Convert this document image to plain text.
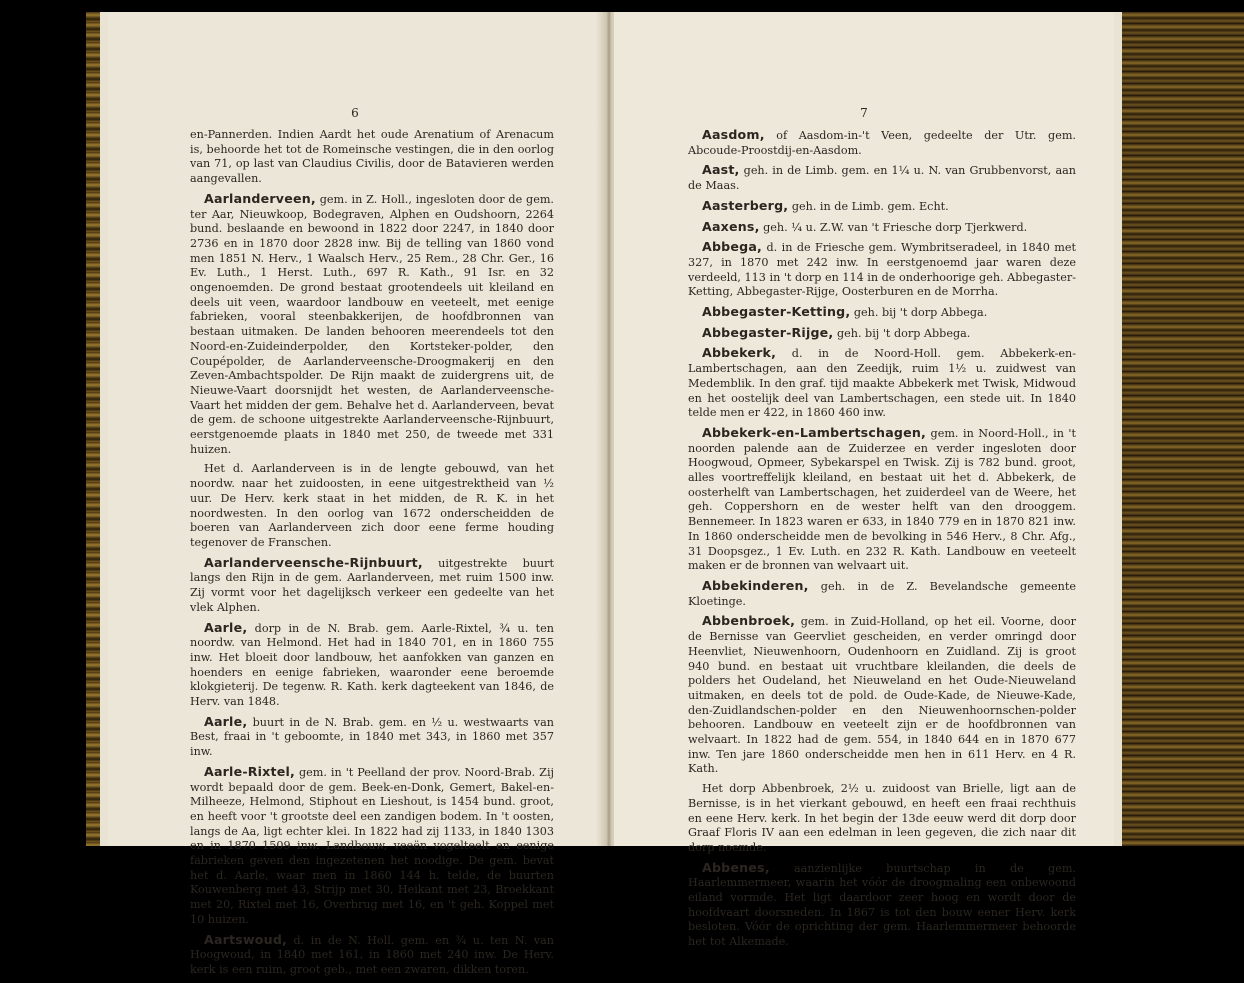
6

en-Pannerden. Indien Aardt het oude Arenatium of Arenacum is, behoorde het tot de Romeinsche vestingen, die in den oorlog van 71, op last van Claudius Civilis, door de Batavieren werden aangevallen.

Aarlanderveen, gem. in Z. Holl., ingesloten door de gem. ter Aar, Nieuwkoop, Bodegraven, Alphen en Oudshoorn, 2264 bund. beslaande en bewoond in 1822 door 2247, in 1840 door 2736 en in 1870 door 2828 inw. Bij de telling van 1860 vond men 1851 N. Herv., 1 Waalsch Herv., 25 Rem., 28 Chr. Ger., 16 Ev. Luth., 1 Herst. Luth., 697 R. Kath., 91 Isr. en 32 ongenoemden. De grond bestaat grootendeels uit kleiland en deels uit veen, waardoor landbouw en veeteelt, met eenige fabrieken, vooral steenbakkerijen, de hoofdbronnen van bestaan uitmaken. De landen behooren meerendeels tot den Noord-en-Zuideinderpolder, den Kortsteker-polder, den Coupépolder, de Aarlanderveensche-Droogmakerij en den Zeven-Ambachtspolder. De Rijn maakt de zuidergrens uit, de Nieuwe-Vaart doorsnijdt het westen, de Aarlanderveensche-Vaart het midden der gem. Behalve het d. Aarlanderveen, bevat de gem. de schoone uitgestrekte Aarlanderveensche-Rijnbuurt, eerstgenoemde plaats in 1840 met 250, de tweede met 331 huizen.

Het d. Aarlanderveen is in de lengte gebouwd, van het noordw. naar het zuidoosten, in eene uitgestrektheid van ½ uur. De Herv. kerk staat in het midden, de R. K. in het noordwesten. In den oorlog van 1672 onderscheidden de boeren van Aarlanderveen zich door eene ferme houding tegenover de Franschen.

Aarlanderveensche-Rijnbuurt, uitgestrekte buurt langs den Rijn in de gem. Aarlanderveen, met ruim 1500 inw. Zij vormt voor het dagelijksch verkeer een gedeelte van het vlek Alphen.

Aarle, dorp in de N. Brab. gem. Aarle-Rixtel, ¾ u. ten noordw. van Helmond. Het had in 1840 701, en in 1860 755 inw. Het bloeit door landbouw, het aanfokken van ganzen en hoenders en eenige fabrieken, waaronder eene beroemde klokgieterij. De tegenw. R. Kath. kerk dagteekent van 1846, de Herv. van 1848.

Aarle, buurt in de N. Brab. gem. en ½ u. westwaarts van Best, fraai in 't geboomte, in 1840 met 343, in 1860 met 357 inw.

Aarle-Rixtel, gem. in 't Peelland der prov. Noord-Brab. Zij wordt bepaald door de gem. Beek-en-Donk, Gemert, Bakel-en-Milheeze, Helmond, Stiphout en Lieshout, is 1454 bund. groot, en heeft voor 't grootste deel een zandigen bodem. In 't oosten, langs de Aa, ligt echter klei. In 1822 had zij 1133, in 1840 1303 en in 1870 1509 inw. Landbouw, veeën vogelteelt en eenige fabrieken geven den ingezetenen het noodige. De gem. bevat het d. Aarle, waar men in 1860 144 h. telde, de buurten Kouwenberg met 43, Strijp met 30, Heikant met 23, Broekkant met 20, Rixtel met 16, Overbrug met 16, en 't geh. Koppel met 10 huizen.

Aartswoud, d. in de N. Holl. gem. en ¾ u. ten N. van Hoogwoud, in 1840 met 161, in 1860 met 240 inw. De Herv. kerk is een ruim, groot geb., met een zwaren, dikken toren.

7

Aasdom, of Aasdom-in-'t Veen, gedeelte der Utr. gem. Abcoude-Proostdij-en-Aasdom.

Aast, geh. in de Limb. gem. en 1¼ u. N. van Grubbenvorst, aan de Maas.

Aasterberg, geh. in de Limb. gem. Echt.

Aaxens, geh. ¼ u. Z.W. van 't Friesche dorp Tjerkwerd.

Abbega, d. in de Friesche gem. Wymbritseradeel, in 1840 met 327, in 1870 met 242 inw. In eerstgenoemd jaar waren deze verdeeld, 113 in 't dorp en 114 in de onderhoorige geh. Abbegaster-Ketting, Abbegaster-Rijge, Oosterburen en de Morrha.

Abbegaster-Ketting, geh. bij 't dorp Abbega.

Abbegaster-Rijge, geh. bij 't dorp Abbega.

Abbekerk, d. in de Noord-Holl. gem. Abbekerk-en-Lambertschagen, aan den Zeedijk, ruim 1½ u. zuidwest van Medemblik. In den graf. tijd maakte Abbekerk met Twisk, Midwoud en het oostelijk deel van Lambertschagen, een stede uit. In 1840 telde men er 422, in 1860 460 inw.

Abbekerk-en-Lambertschagen, gem. in Noord-Holl., in 't noorden palende aan de Zuiderzee en verder ingesloten door Hoogwoud, Opmeer, Sybekarspel en Twisk. Zij is 782 bund. groot, alles voortreffelijk kleiland, en bestaat uit het d. Abbekerk, de oosterhelft van Lambertschagen, het zuiderdeel van de Weere, het geh. Coppershorn en de wester helft van den drooggem. Bennemeer. In 1823 waren er 633, in 1840 779 en in 1870 821 inw. In 1860 onderscheidde men de bevolking in 546 Herv., 8 Chr. Afg., 31 Doopsgez., 1 Ev. Luth. en 232 R. Kath. Landbouw en veeteelt maken er de bronnen van welvaart uit.

Abbekinderen, geh. in de Z. Bevelandsche gemeente Kloetinge.

Abbenbroek, gem. in Zuid-Holland, op het eil. Voorne, door de Bernisse van Geervliet gescheiden, en verder omringd door Heenvliet, Nieuwenhoorn, Oudenhoorn en Zuidland. Zij is groot 940 bund. en bestaat uit vruchtbare kleilanden, die deels de polders het Oudeland, het Nieuweland en het Oude-Nieuweland uitmaken, en deels tot de pold. de Oude-Kade, de Nieuwe-Kade, den-Zuidlandschen-polder en den Nieuwenhoornschen-polder behooren. Landbouw en veeteelt zijn er de hoofdbronnen van welvaart. In 1822 had de gem. 554, in 1840 644 en in 1870 677 inw. Ten jare 1860 onderscheidde men hen in 611 Herv. en 4 R. Kath.

Het dorp Abbenbroek, 2½ u. zuidoost van Brielle, ligt aan de Bernisse, is in het vierkant gebouwd, en heeft een fraai rechthuis en eene Herv. kerk. In het begin der 13de eeuw werd dit dorp door Graaf Floris IV aan een edelman in leen gegeven, die zich naar dit dorp noemde.

Abbenes, aanzienlijke buurtschap in de gem. Haarlemmermeer, waarin het vóór de droogmaling een onbewoond eiland vormde. Het ligt daardoor zeer hoog en wordt door de hoofdvaart doorsneden. In 1867 is tot den bouw eener Herv. kerk besloten. Vóór de oprichting der gem. Haarlemmermeer behoorde het tot Alkemade.
